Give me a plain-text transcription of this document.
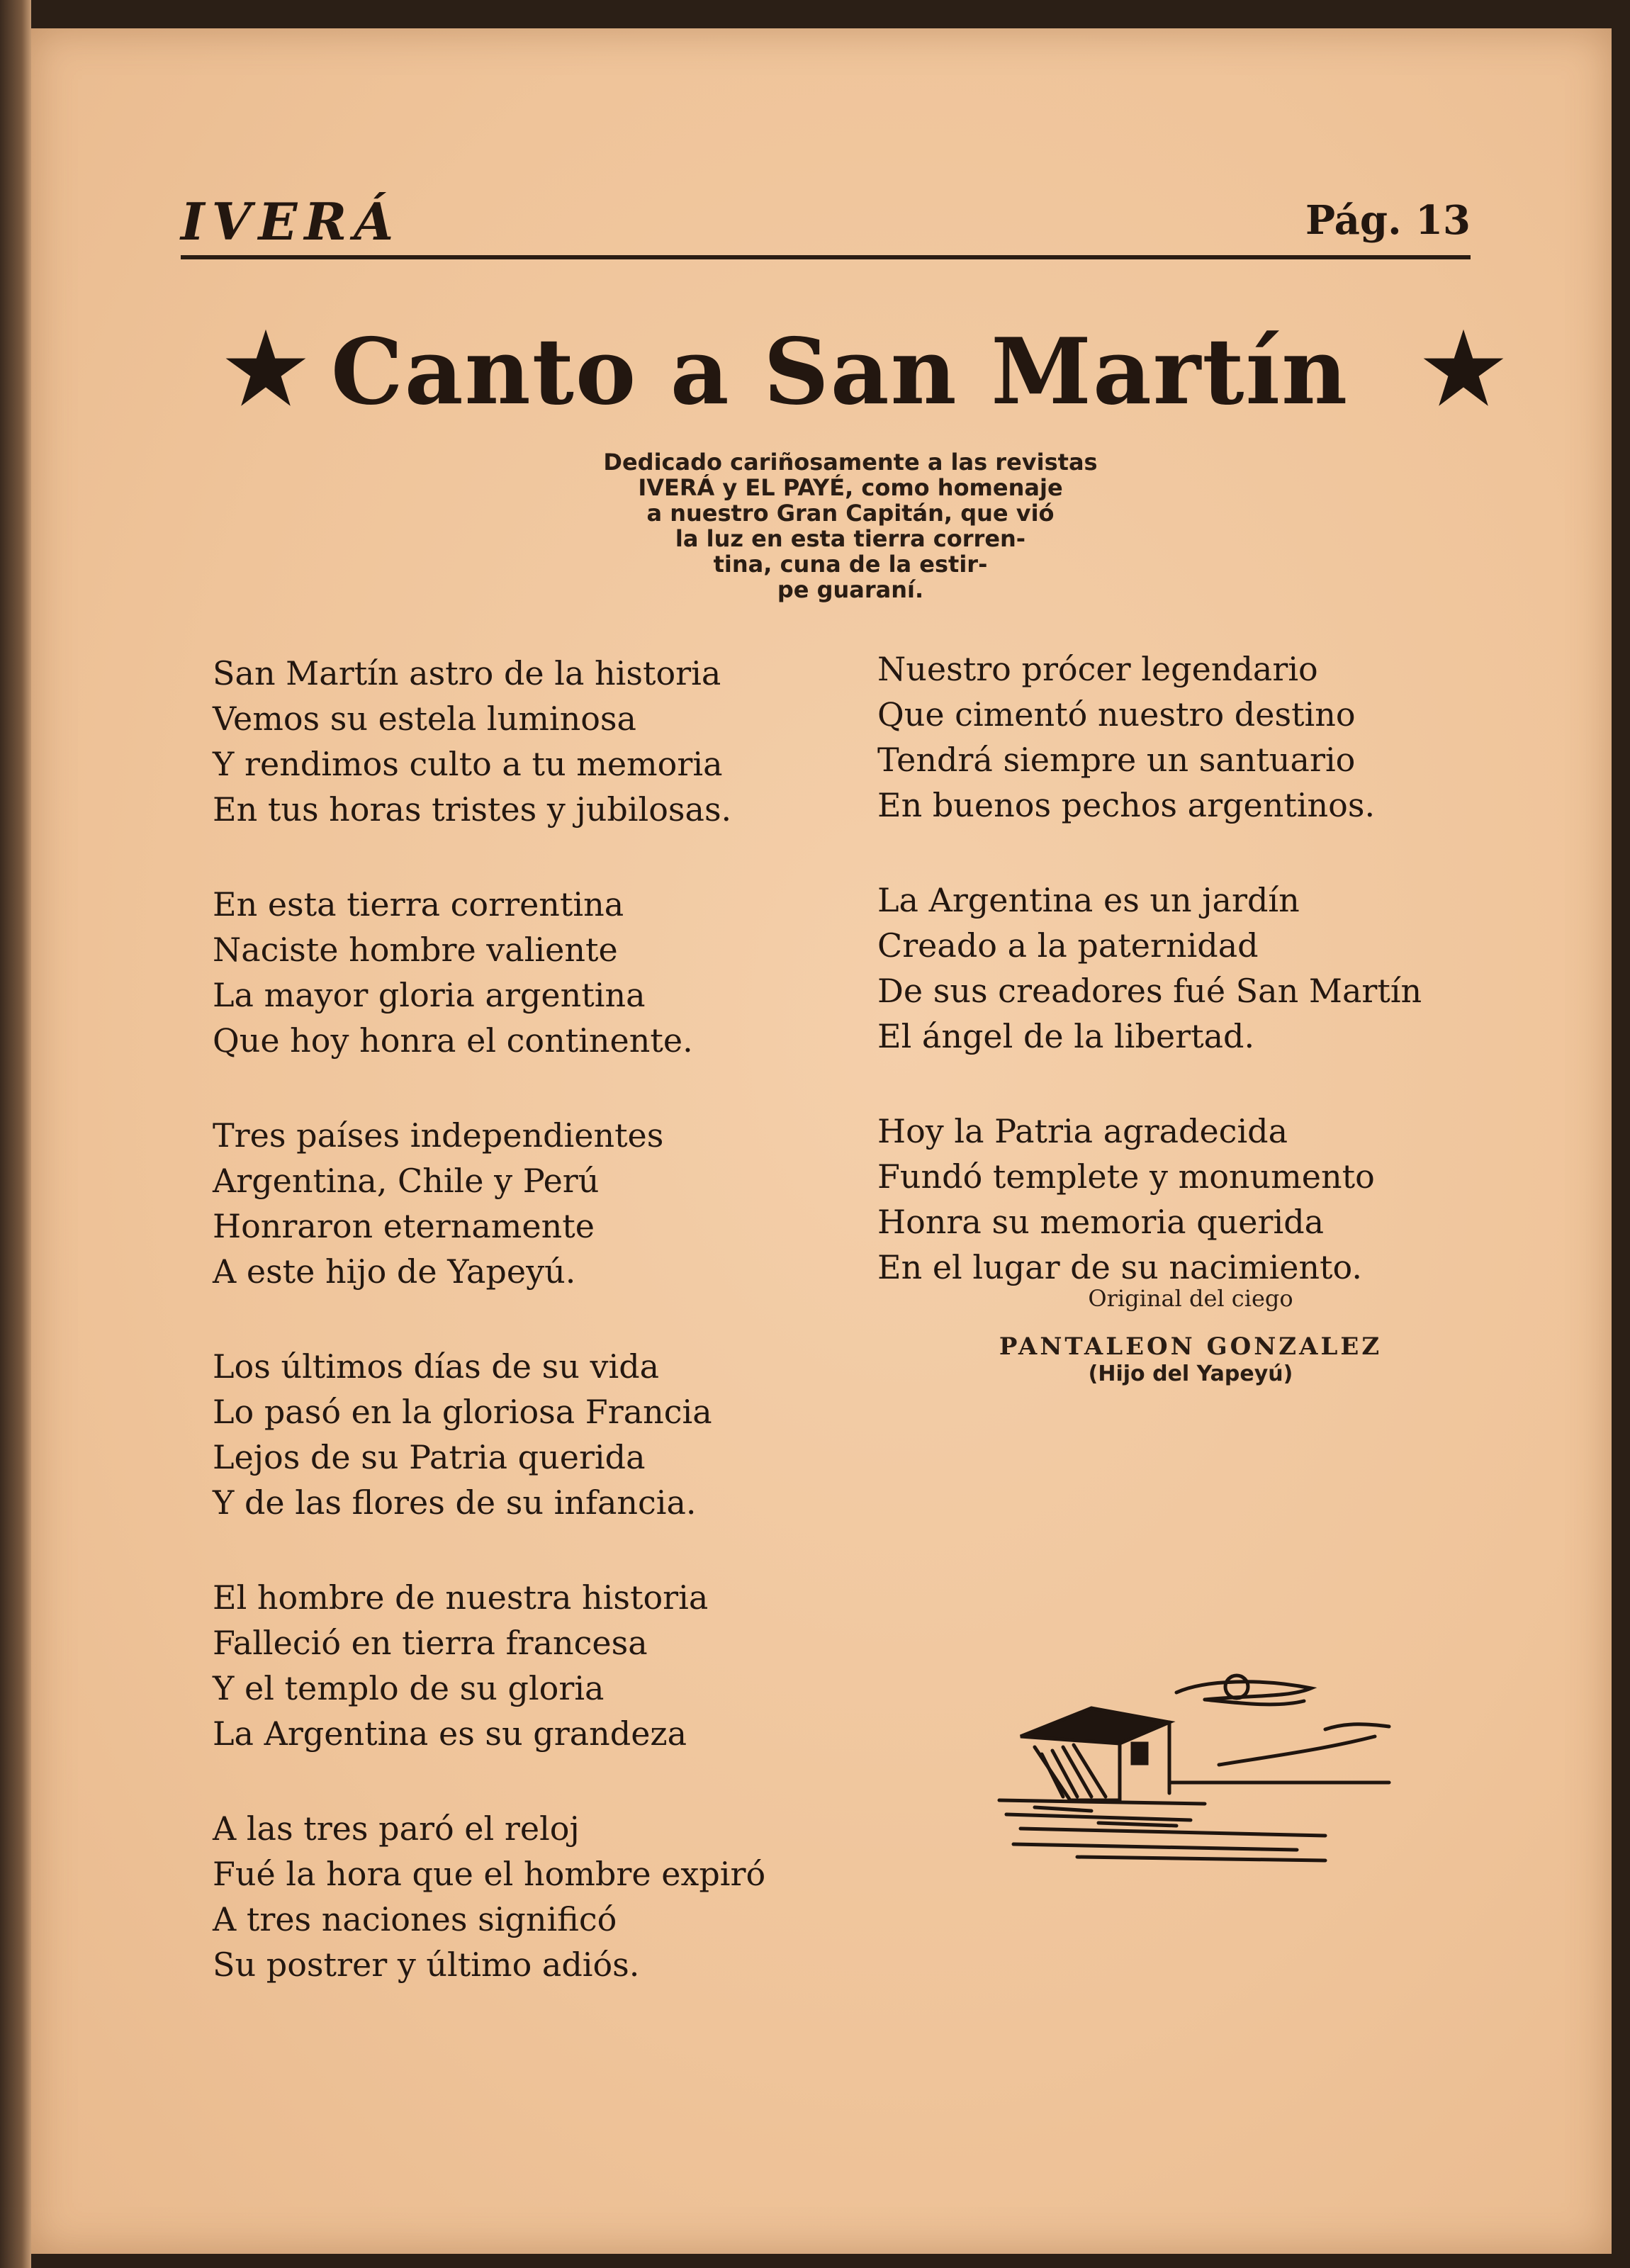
IVERÁ	Pág. 13
Canto a San Martín
Dedicado cariñosamente a las revistas
IVERÁ y EL PAYÉ, como homenaje
a nuestro Gran Capitán, que vió
la luz en esta tierra corren-
tina, cuna de la estir-
pe guaraní.
San Martín astro de la historia
Vemos su estela luminosa
Y rendimos culto a tu memoria
En tus horas tristes y jubilosas.
En esta tierra correntina
Naciste hombre valiente
La mayor gloria argentina
Que hoy honra el continente.
Tres países independientes
Argentina, Chile y Perú
Honraron eternamente
A este hijo de Yapeyú.
Los últimos días de su vida
Lo pasó en la gloriosa Francia
Lejos de su Patria querida
Y de las flores de su infancia.
El hombre de nuestra historia
Falleció en tierra francesa
Y el templo de su gloria
La Argentina es su grandeza
A las tres paró el reloj
Fué la hora que el hombre expiró
A tres naciones significó
Su postrer y último adiós.
Nuestro prócer legendario
Que cimentó nuestro destino
Tendrá siempre un santuario
En buenos pechos argentinos.
La Argentina es un jardín
Creado a la paternidad
De sus creadores fué San Martín
El ángel de la libertad.
Hoy la Patria agradecida
Fundó templete y monumento
Honra su memoria querida
En el lugar de su nacimiento.
Original del ciego
PANTALEON GONZALEZ
(Hijo del Yapeyú)
